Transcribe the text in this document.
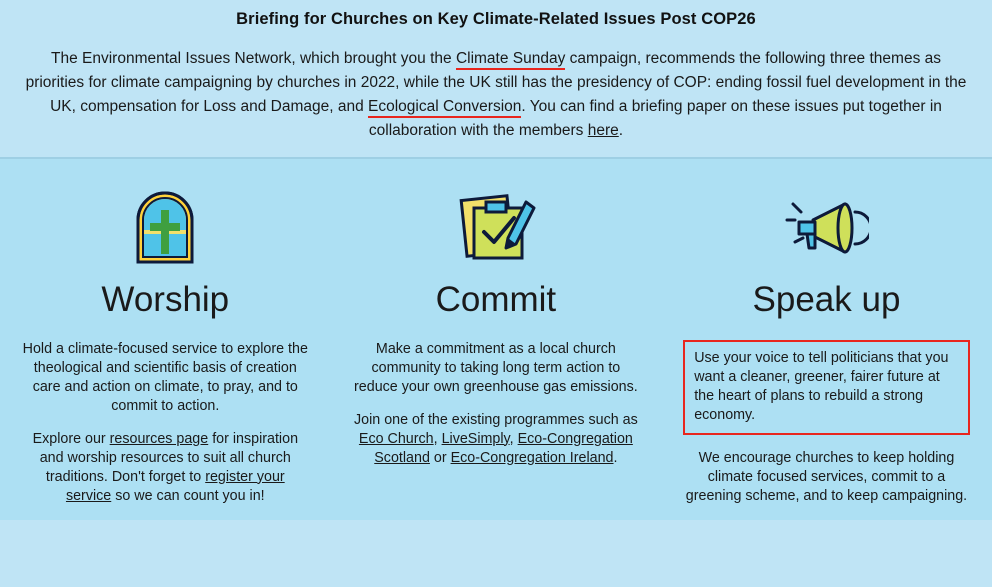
Briefing for Churches on Key Climate-Related Issues Post COP26
The Environmental Issues Network, which brought you the Climate Sunday campaign, recommends the following three themes as priorities for climate campaigning by churches in 2022, while the UK still has the presidency of COP: ending fossil fuel development in the UK, compensation for Loss and Damage, and Ecological Conversion. You can find a briefing paper on these issues put together in collaboration with the members here.
Worship

Hold a climate-focused service to explore the theological and scientific basis of creation care and action on climate, to pray, and to commit to action.

Explore our resources page for inspiration and worship resources to suit all church traditions. Don't forget to register your service so we can count you in!

Commit

Make a commitment as a local church community to taking long term action to reduce your own greenhouse gas emissions.

Join one of the existing programmes such as Eco Church, LiveSimply, Eco-Congregation Scotland or Eco-Congregation Ireland.

Speak up

Use your voice to tell politicians that you want a cleaner, greener, fairer future at the heart of plans to rebuild a strong economy.

We encourage churches to keep holding climate focused services, commit to a greening scheme, and to keep campaigning.
